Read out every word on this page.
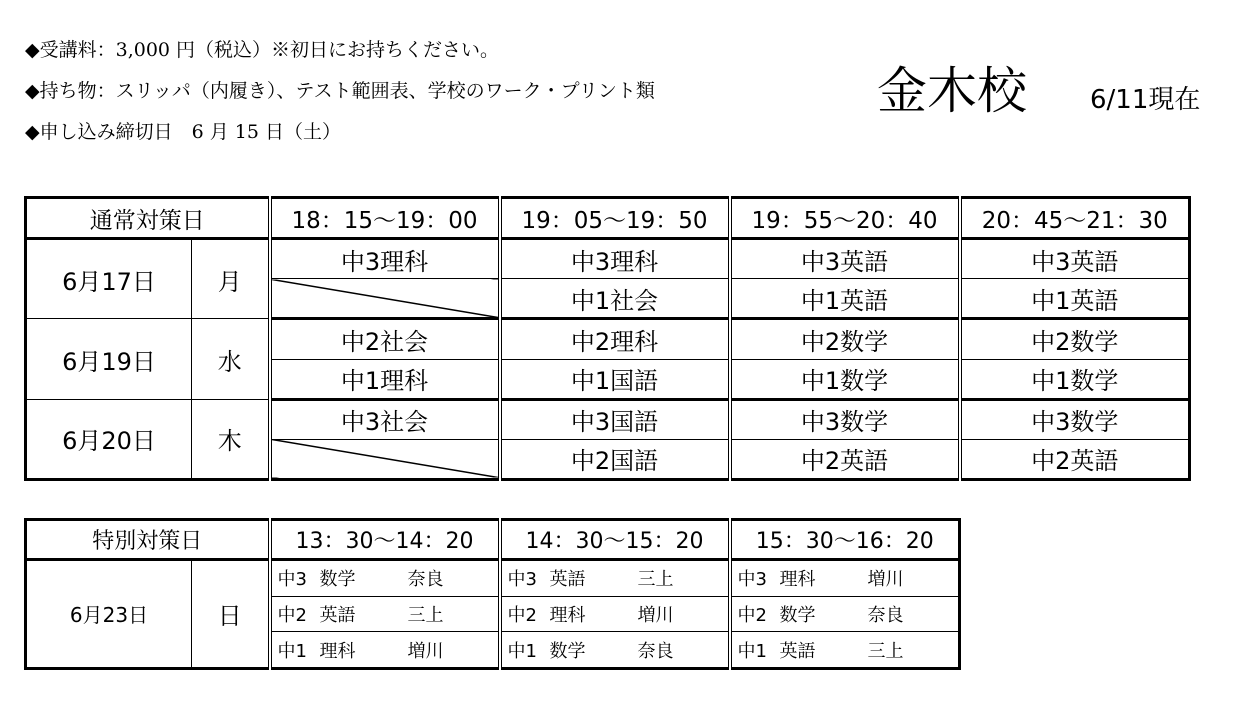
◆受講料：3,000 円（税込）※初日にお持ちください。
◆持ち物：スリッパ（内履き）、テスト範囲表、学校のワーク・プリント類
◆申し込み締切日　6 月 15 日（土）
金木校 6/11現在
通常対策日		18：15～19：00	19：05～19：50	19：55～20：40	20：45～21：30
6月17日	月	中3理科	中3理科	中3英語	中3英語
			中1社会	中1英語	中1英語
6月19日	水	中2社会	中2理科	中2数学	中2数学
		中1理科	中1国語	中1数学	中1数学
6月20日	木	中3社会	中3国語	中3数学	中3数学
			中2国語	中2英語	中2英語
特別対策日		13：30～14：20	14：30～15：20	15：30～16：20
6月23日	日	中3 数学 奈良	中3 英語 三上	中3 理科 増川
		中2 英語 三上	中2 理科 増川	中2 数学 奈良
		中1 理科 増川	中1 数学 奈良	中1 英語 三上
